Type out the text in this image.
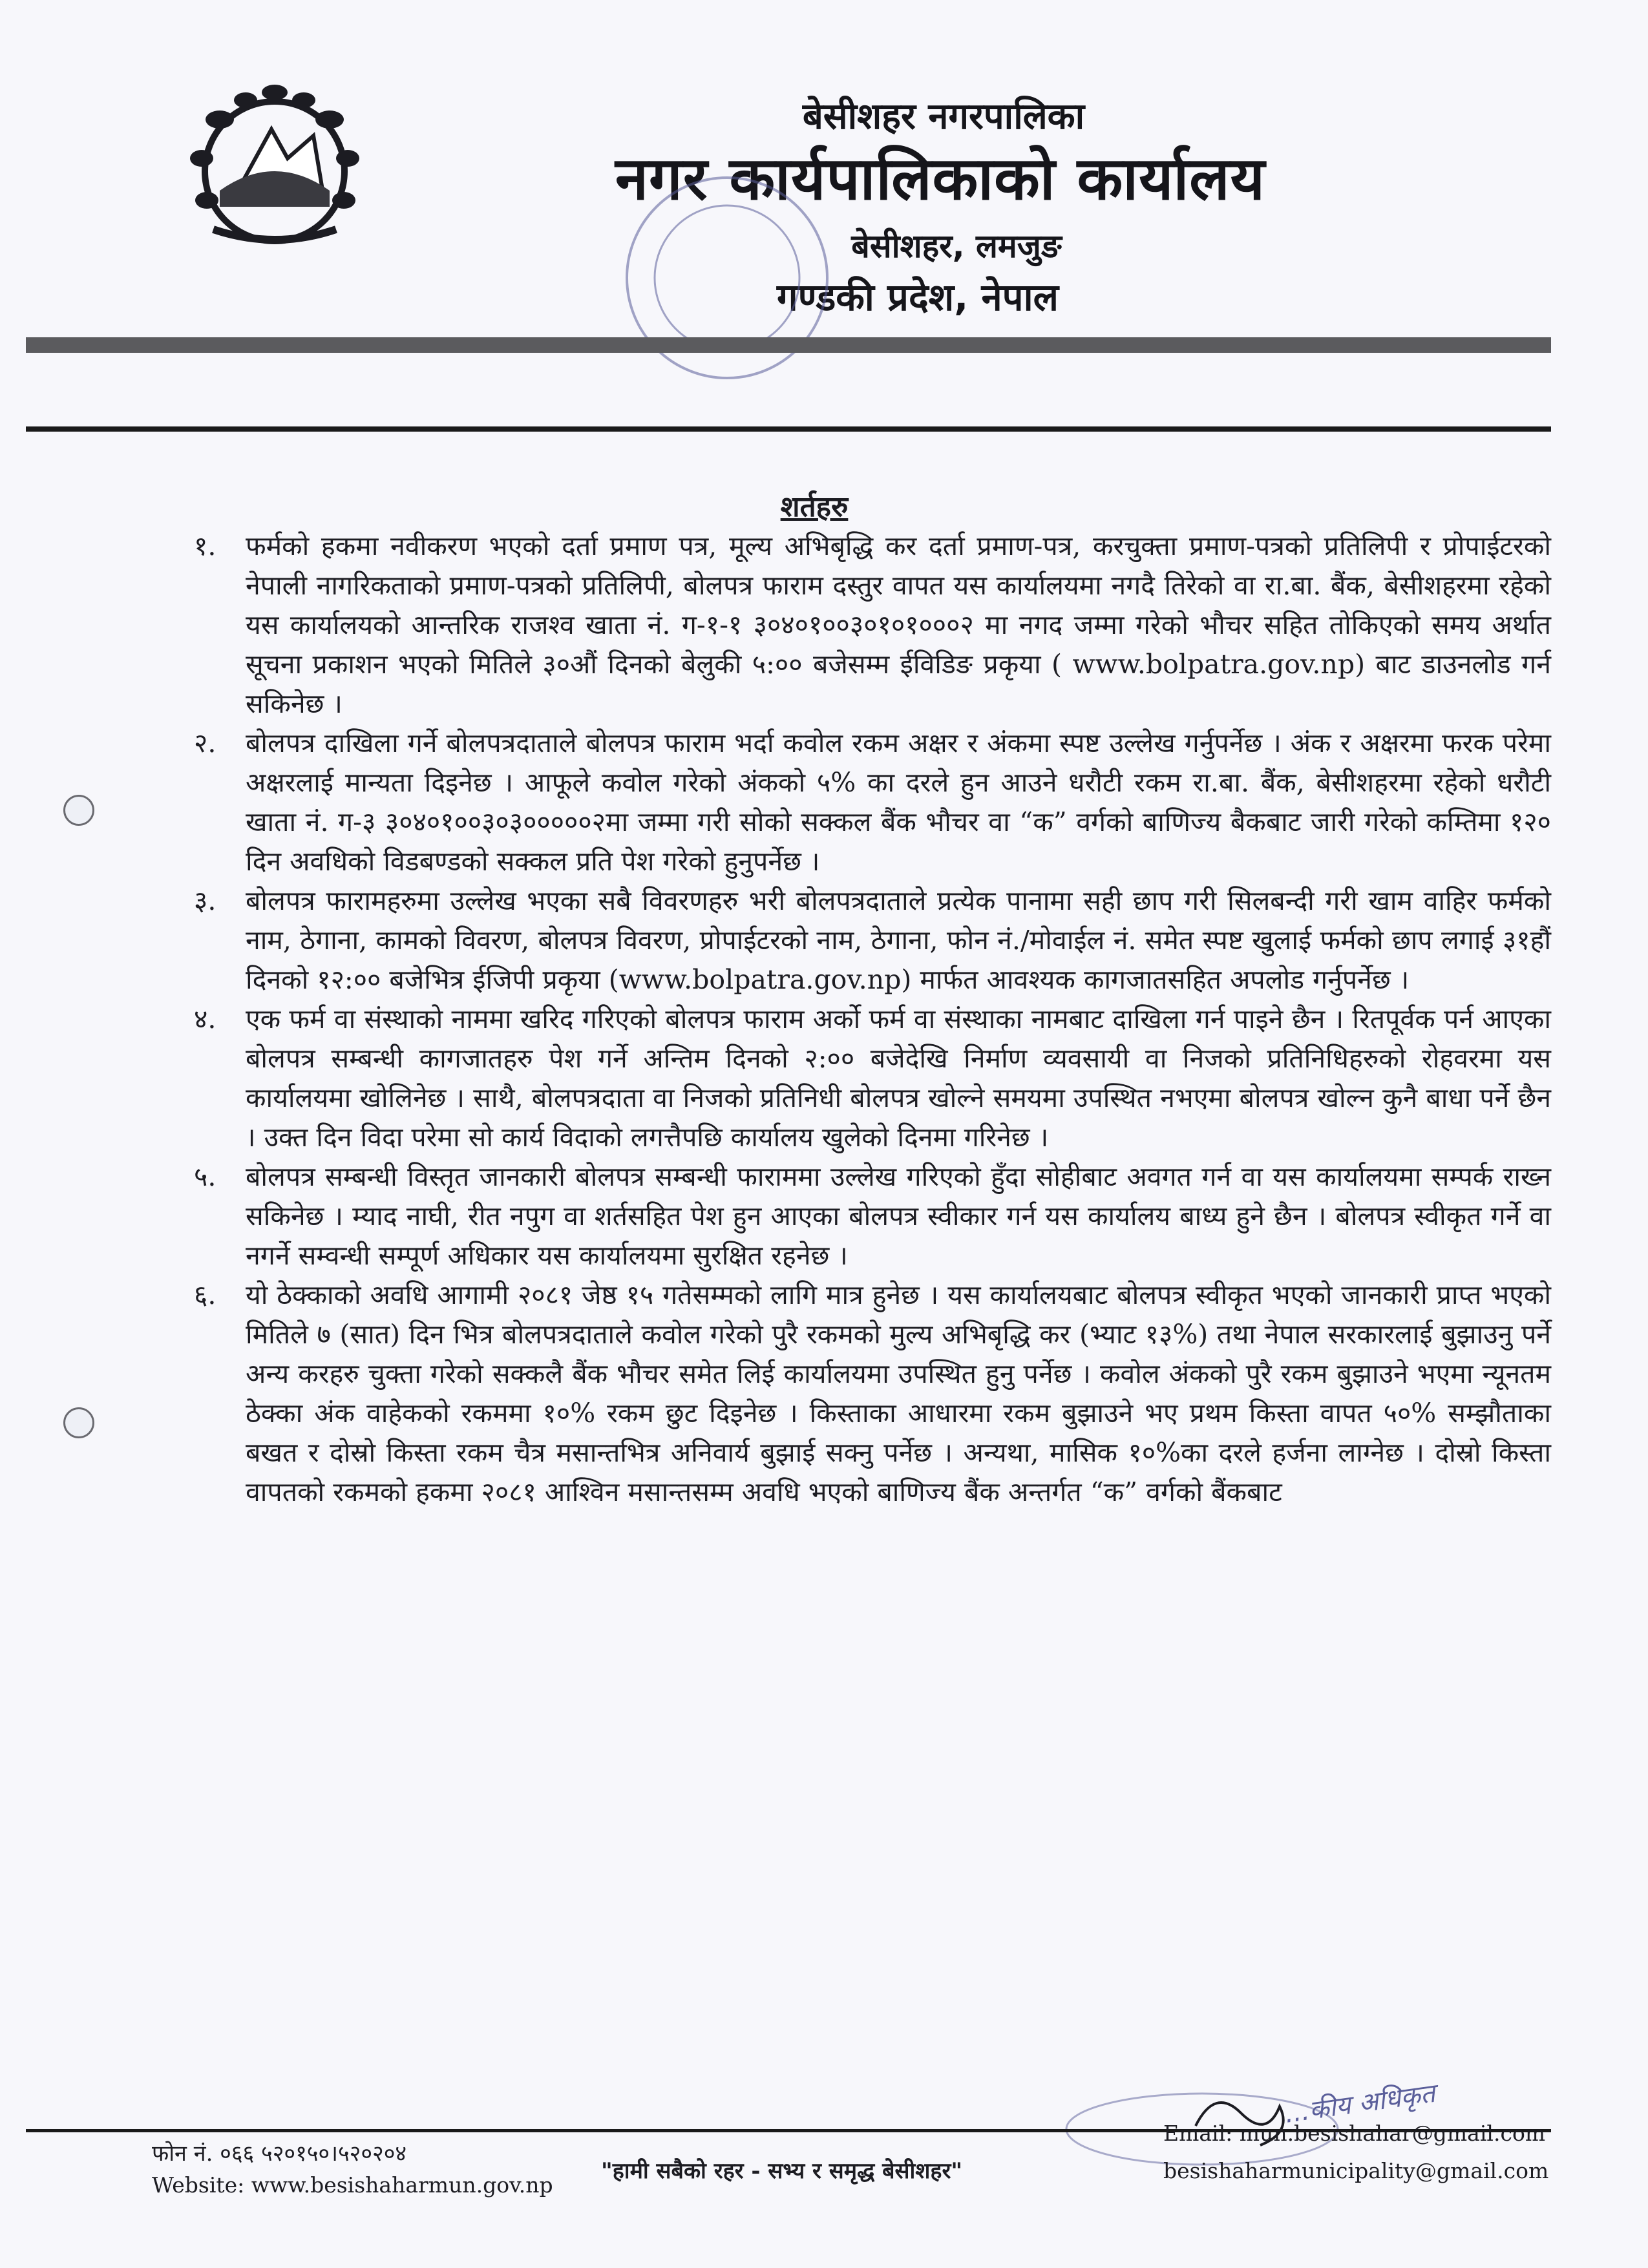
बेसीशहर नगरपालिका
नगर कार्यपालिकाको कार्यालय
बेसीशहर, लमजुङ
गण्डकी प्रदेश, नेपाल
शर्तहरु
१.	फर्मको हकमा नवीकरण भएको दर्ता प्रमाण पत्र, मूल्य अभिबृद्धि कर दर्ता प्रमाण-पत्र, करचुक्ता प्रमाण-पत्रको प्रतिलिपी र प्रोपाईटरको नेपाली नागरिकताको प्रमाण-पत्रको प्रतिलिपी, बोलपत्र फाराम दस्तुर वापत यस कार्यालयमा नगदै तिरेको वा रा.बा. बैंक, बेसीशहरमा रहेको यस कार्यालयको आन्तरिक राजश्व खाता नं. ग-१-१ ३०४०१००३०१०१०००२ मा नगद जम्मा गरेको भौचर सहित तोकिएको समय अर्थात सूचना प्रकाशन भएको मितिले ३०औं दिनको बेलुकी ५:०० बजेसम्म ईविडिङ प्रकृया ( www.bolpatra.gov.np) बाट डाउनलोड गर्न सकिनेछ ।
२.	बोलपत्र दाखिला गर्ने बोलपत्रदाताले बोलपत्र फाराम भर्दा कवोल रकम अक्षर र अंकमा स्पष्ट उल्लेख गर्नुपर्नेछ । अंक र अक्षरमा फरक परेमा अक्षरलाई मान्यता दिइनेछ । आफूले कवोल गरेको अंकको ५% का दरले हुन आउने धरौटी रकम रा.बा. बैंक, बेसीशहरमा रहेको धरौटी खाता नं. ग-३ ३०४०१००३०३०००००२मा जम्मा गरी सोको सक्कल बैंक भौचर वा “क” वर्गको बाणिज्य बैकबाट जारी गरेको कम्तिमा १२० दिन अवधिको विडबण्डको सक्कल प्रति पेश गरेको हुनुपर्नेछ ।
३.	बोलपत्र फारामहरुमा उल्लेख भएका सबै विवरणहरु भरी बोलपत्रदाताले प्रत्येक पानामा सही छाप गरी सिलबन्दी गरी खाम वाहिर फर्मको नाम, ठेगाना, कामको विवरण, बोलपत्र विवरण, प्रोपाईटरको नाम, ठेगाना, फोन नं./मोवाईल नं. समेत स्पष्ट खुलाई फर्मको छाप लगाई ३१हौं दिनको १२:०० बजेभित्र ईजिपी प्रकृया (www.bolpatra.gov.np) मार्फत आवश्यक कागजातसहित अपलोड गर्नुपर्नेछ ।
४.	एक फर्म वा संस्थाको नाममा खरिद गरिएको बोलपत्र फाराम अर्को फर्म वा संस्थाका नामबाट दाखिला गर्न पाइने छैन । रितपूर्वक पर्न आएका बोलपत्र सम्बन्धी कागजातहरु पेश गर्ने अन्तिम दिनको २:०० बजेदेखि निर्माण व्यवसायी वा निजको प्रतिनिधिहरुको रोहवरमा यस कार्यालयमा खोलिनेछ । साथै, बोलपत्रदाता वा निजको प्रतिनिधी बोलपत्र खोल्ने समयमा उपस्थित नभएमा बोलपत्र खोल्न कुनै बाधा पर्ने छैन । उक्त दिन विदा परेमा सो कार्य विदाको लगत्तैपछि कार्यालय खुलेको दिनमा गरिनेछ ।
५.	बोलपत्र सम्बन्धी विस्तृत जानकारी बोलपत्र सम्बन्धी फाराममा उल्लेख गरिएको हुँदा सोहीबाट अवगत गर्न वा यस कार्यालयमा सम्पर्क राख्न सकिनेछ । म्याद नाघी, रीत नपुग वा शर्तसहित पेश हुन आएका बोलपत्र स्वीकार गर्न यस कार्यालय बाध्य हुने छैन । बोलपत्र स्वीकृत गर्ने वा नगर्ने सम्वन्धी सम्पूर्ण अधिकार यस कार्यालयमा सुरक्षित रहनेछ ।
६.	यो ठेक्काको अवधि आगामी २०८१ जेष्ठ १५ गतेसम्मको लागि मात्र हुनेछ । यस कार्यालयबाट बोलपत्र स्वीकृत भएको जानकारी प्राप्त भएको मितिले ७ (सात) दिन भित्र बोलपत्रदाताले कवोल गरेको पुरै रकमको मुल्य अभिबृद्धि कर (भ्याट १३%) तथा नेपाल सरकारलाई बुझाउनु पर्ने अन्य करहरु चुक्ता गरेको सक्कलै बैंक भौचर समेत लिई कार्यालयमा उपस्थित हुनु पर्नेछ । कवोल अंकको पुरै रकम बुझाउने भएमा न्यूनतम ठेक्का अंक वाहेकको रकममा १०% रकम छुट दिइनेछ । किस्ताका आधारमा रकम बुझाउने भए प्रथम किस्ता वापत ५०% सम्झौताका बखत र दोस्रो किस्ता रकम चैत्र मसान्तभित्र अनिवार्य बुझाई सक्नु पर्नेछ । अन्यथा, मासिक १०%का दरले हर्जना लाग्नेछ । दोस्रो किस्ता वापतको रकमको हकमा २०८१ आश्विन मसान्तसम्म अवधि भएको बाणिज्य बैंक अन्तर्गत “क” वर्गको बैंकबाट
...कीय अधिकृत
फोन नं. ०६६ ५२०१५०।५२०२०४
Website: www.besishaharmun.gov.np
"हामी सबैको रहर - सभ्य र समृद्ध बेसीशहर"
Email: mun.besishahar@gmail.com
besishaharmunicipality@gmail.com
